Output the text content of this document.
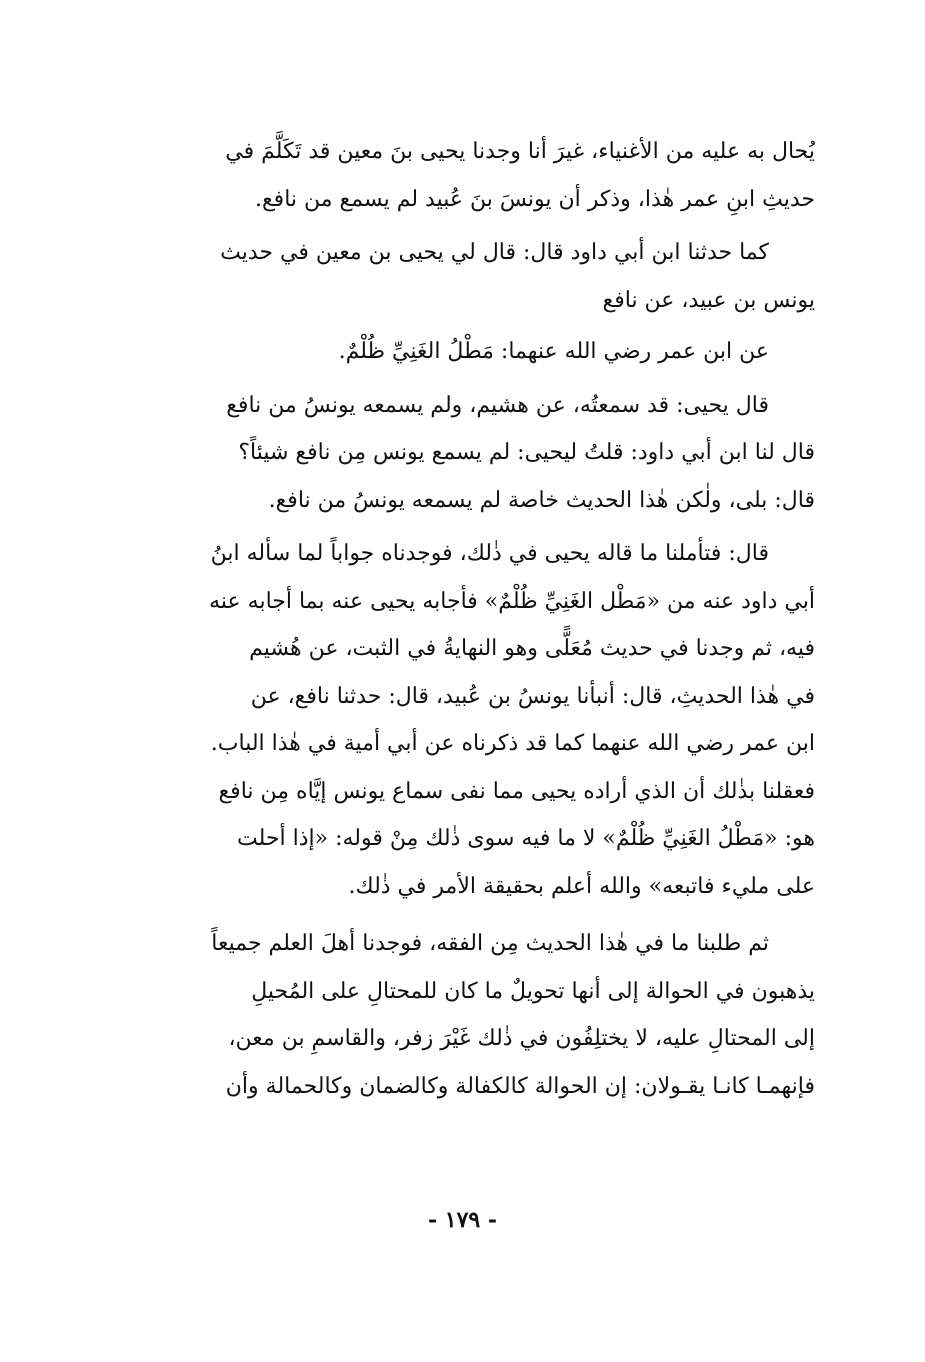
يُحال به عليه من الأغنياء، غيرَ أنا وجدنا يحيى بنَ معين قد تَكَلَّمَ في
حديثِ ابنِ عمر هٰذا، وذكر أن يونسَ بنَ عُبيد لم يسمع من نافع.
كما حدثنا ابن أبي داود قال: قال لي يحيى بن معين في حديث
يونس بن عبيد، عن نافع
عن ابن عمر رضي الله عنهما: مَطْلُ الغَنِيِّ ظُلْمٌ.
قال يحيى: قد سمعتُه، عن هشيم، ولم يسمعه يونسُ من نافع
قال لنا ابن أبي داود: قلتُ ليحيى: لم يسمع يونس مِن نافع شيئاً؟
قال: بلى، ولٰكن هٰذا الحديث خاصة لم يسمعه يونسُ من نافع.
قال: فتأملنا ما قاله يحيى في ذٰلك، فوجدناه جواباً لما سأله ابنُ
أبي داود عنه من «مَطْل الغَنِيِّ ظُلْمٌ» فأجابه يحيى عنه بما أجابه عنه
فيه، ثم وجدنا في حديث مُعَلًّى وهو النهايةُ في الثبت، عن هُشيم
في هٰذا الحديثِ، قال: أنبأنا يونسُ بن عُبيد، قال: حدثنا نافع، عن
ابن عمر رضي الله عنهما كما قد ذكرناه عن أبي أمية في هٰذا الباب.
فعقلنا بذٰلك أن الذي أراده يحيى مما نفى سماع يونس إيَّاه مِن نافع
هو: «مَطْلُ الغَنِيِّ ظُلْمٌ» لا ما فيه سوى ذٰلك مِنْ قوله: «إذا أحلت
على مليء فاتبعه» والله أعلم بحقيقة الأمر في ذٰلك.
ثم طلبنا ما في هٰذا الحديث مِن الفقه، فوجدنا أهلَ العلم جميعاً
يذهبون في الحوالة إلى أنها تحويلٌ ما كان للمحتالِ على المُحيلِ
إلى المحتالِ عليه، لا يختلِفُون في ذٰلك غَيْرَ زفر، والقاسمِ بن معن،
فإنهمـا كانـا يقـولان: إن الحوالة كالكفالة وكالضمان وكالحمالة وأن
- ١٧٩ -
